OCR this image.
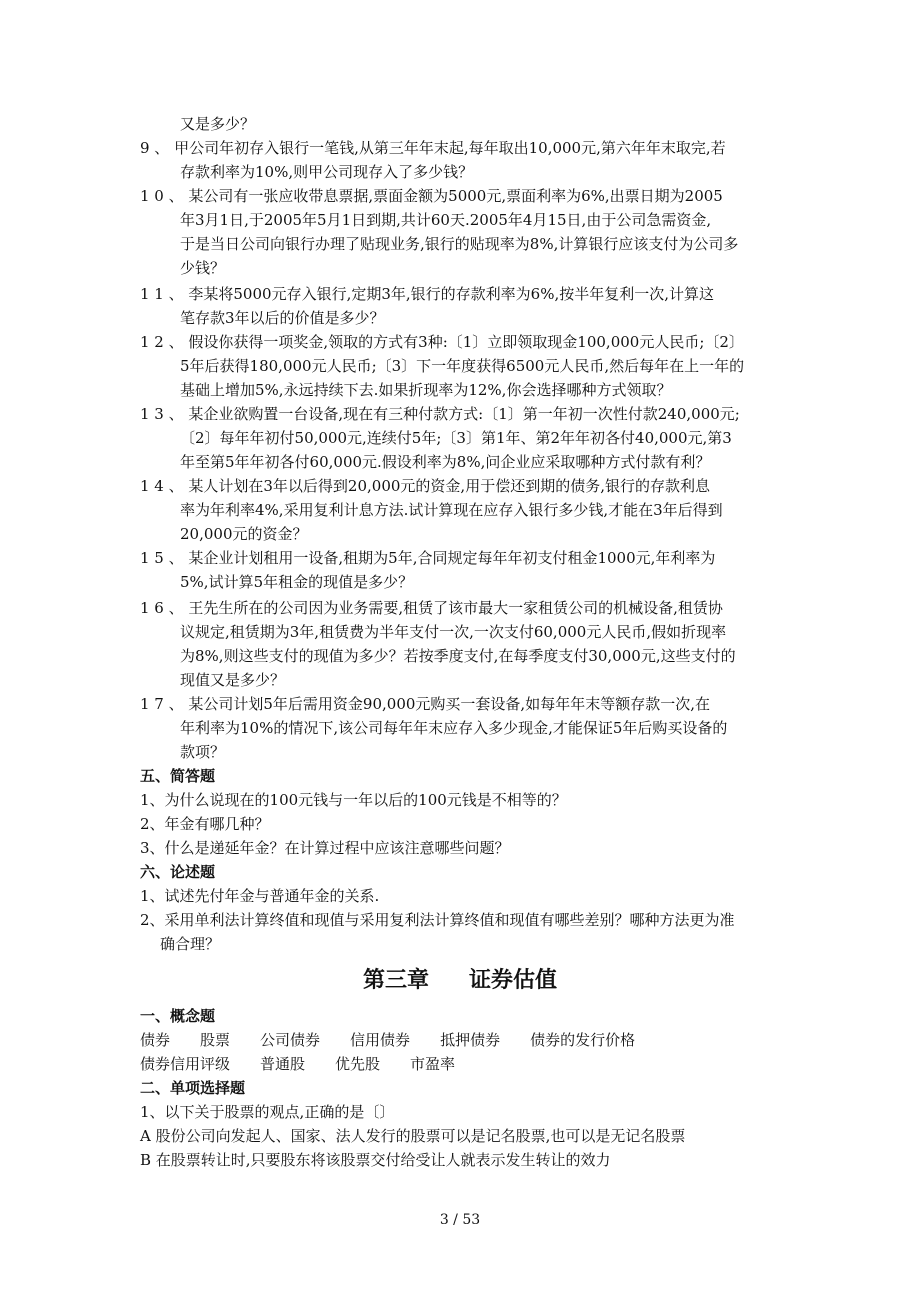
又是多少？
9 、 甲公司年初存入银行一笔钱,从第三年年末起,每年取出10,000元,第六年年末取完,若
存款利率为10%,则甲公司现存入了多少钱？
1 0 、 某公司有一张应收带息票据,票面金额为5000元,票面利率为6%,出票日期为2005
年3月1日,于2005年5月1日到期,共计60天.2005年4月15日,由于公司急需资金,
于是当日公司向银行办理了贴现业务,银行的贴现率为8%,计算银行应该支付为公司多
少钱？
1 1 、 李某将5000元存入银行,定期3年,银行的存款利率为6%,按半年复利一次,计算这
笔存款3年以后的价值是多少？
1 2 、 假设你获得一项奖金,领取的方式有3种:〔1〕立即领取现金100,000元人民币;〔2〕
5年后获得180,000元人民币;〔3〕下一年度获得6500元人民币,然后每年在上一年的
基础上增加5%,永远持续下去.如果折现率为12%,你会选择哪种方式领取？
1 3 、 某企业欲购置一台设备,现在有三种付款方式:〔1〕第一年初一次性付款240,000元;
〔2〕每年年初付50,000元,连续付5年;〔3〕第1年、第2年年初各付40,000元,第3
年至第5年年初各付60,000元.假设利率为8%,问企业应采取哪种方式付款有利？
1 4 、 某人计划在3年以后得到20,000元的资金,用于偿还到期的债务,银行的存款利息
率为年利率4%,采用复利计息方法.试计算现在应存入银行多少钱,才能在3年后得到
20,000元的资金？
1 5 、 某企业计划租用一设备,租期为5年,合同规定每年年初支付租金1000元,年利率为
5%,试计算5年租金的现值是多少？
1 6 、 王先生所在的公司因为业务需要,租赁了该市最大一家租赁公司的机械设备,租赁协
议规定,租赁期为3年,租赁费为半年支付一次,一次支付60,000元人民币,假如折现率
为8%,则这些支付的现值为多少？若按季度支付,在每季度支付30,000元,这些支付的
现值又是多少？
1 7 、 某公司计划5年后需用资金90,000元购买一套设备,如每年年末等额存款一次,在
年利率为10%的情况下,该公司每年年末应存入多少现金,才能保证5年后购买设备的
款项？
五、简答题
1、为什么说现在的100元钱与一年以后的100元钱是不相等的？
2、年金有哪几种？
3、什么是递延年金？在计算过程中应该注意哪些问题？
六、论述题
1、试述先付年金与普通年金的关系.
2、采用单利法计算终值和现值与采用复利法计算终值和现值有哪些差别？哪种方法更为准
确合理？
第三章 证券估值
一、概念题
债券 股票 公司债券 信用债券 抵押债券 债券的发行价格
债券信用评级 普通股 优先股 市盈率
二、单项选择题
1、以下关于股票的观点,正确的是〔〕
A 股份公司向发起人、国家、法人发行的股票可以是记名股票,也可以是无记名股票
B 在股票转让时,只要股东将该股票交付给受让人就表示发生转让的效力
3 / 53
